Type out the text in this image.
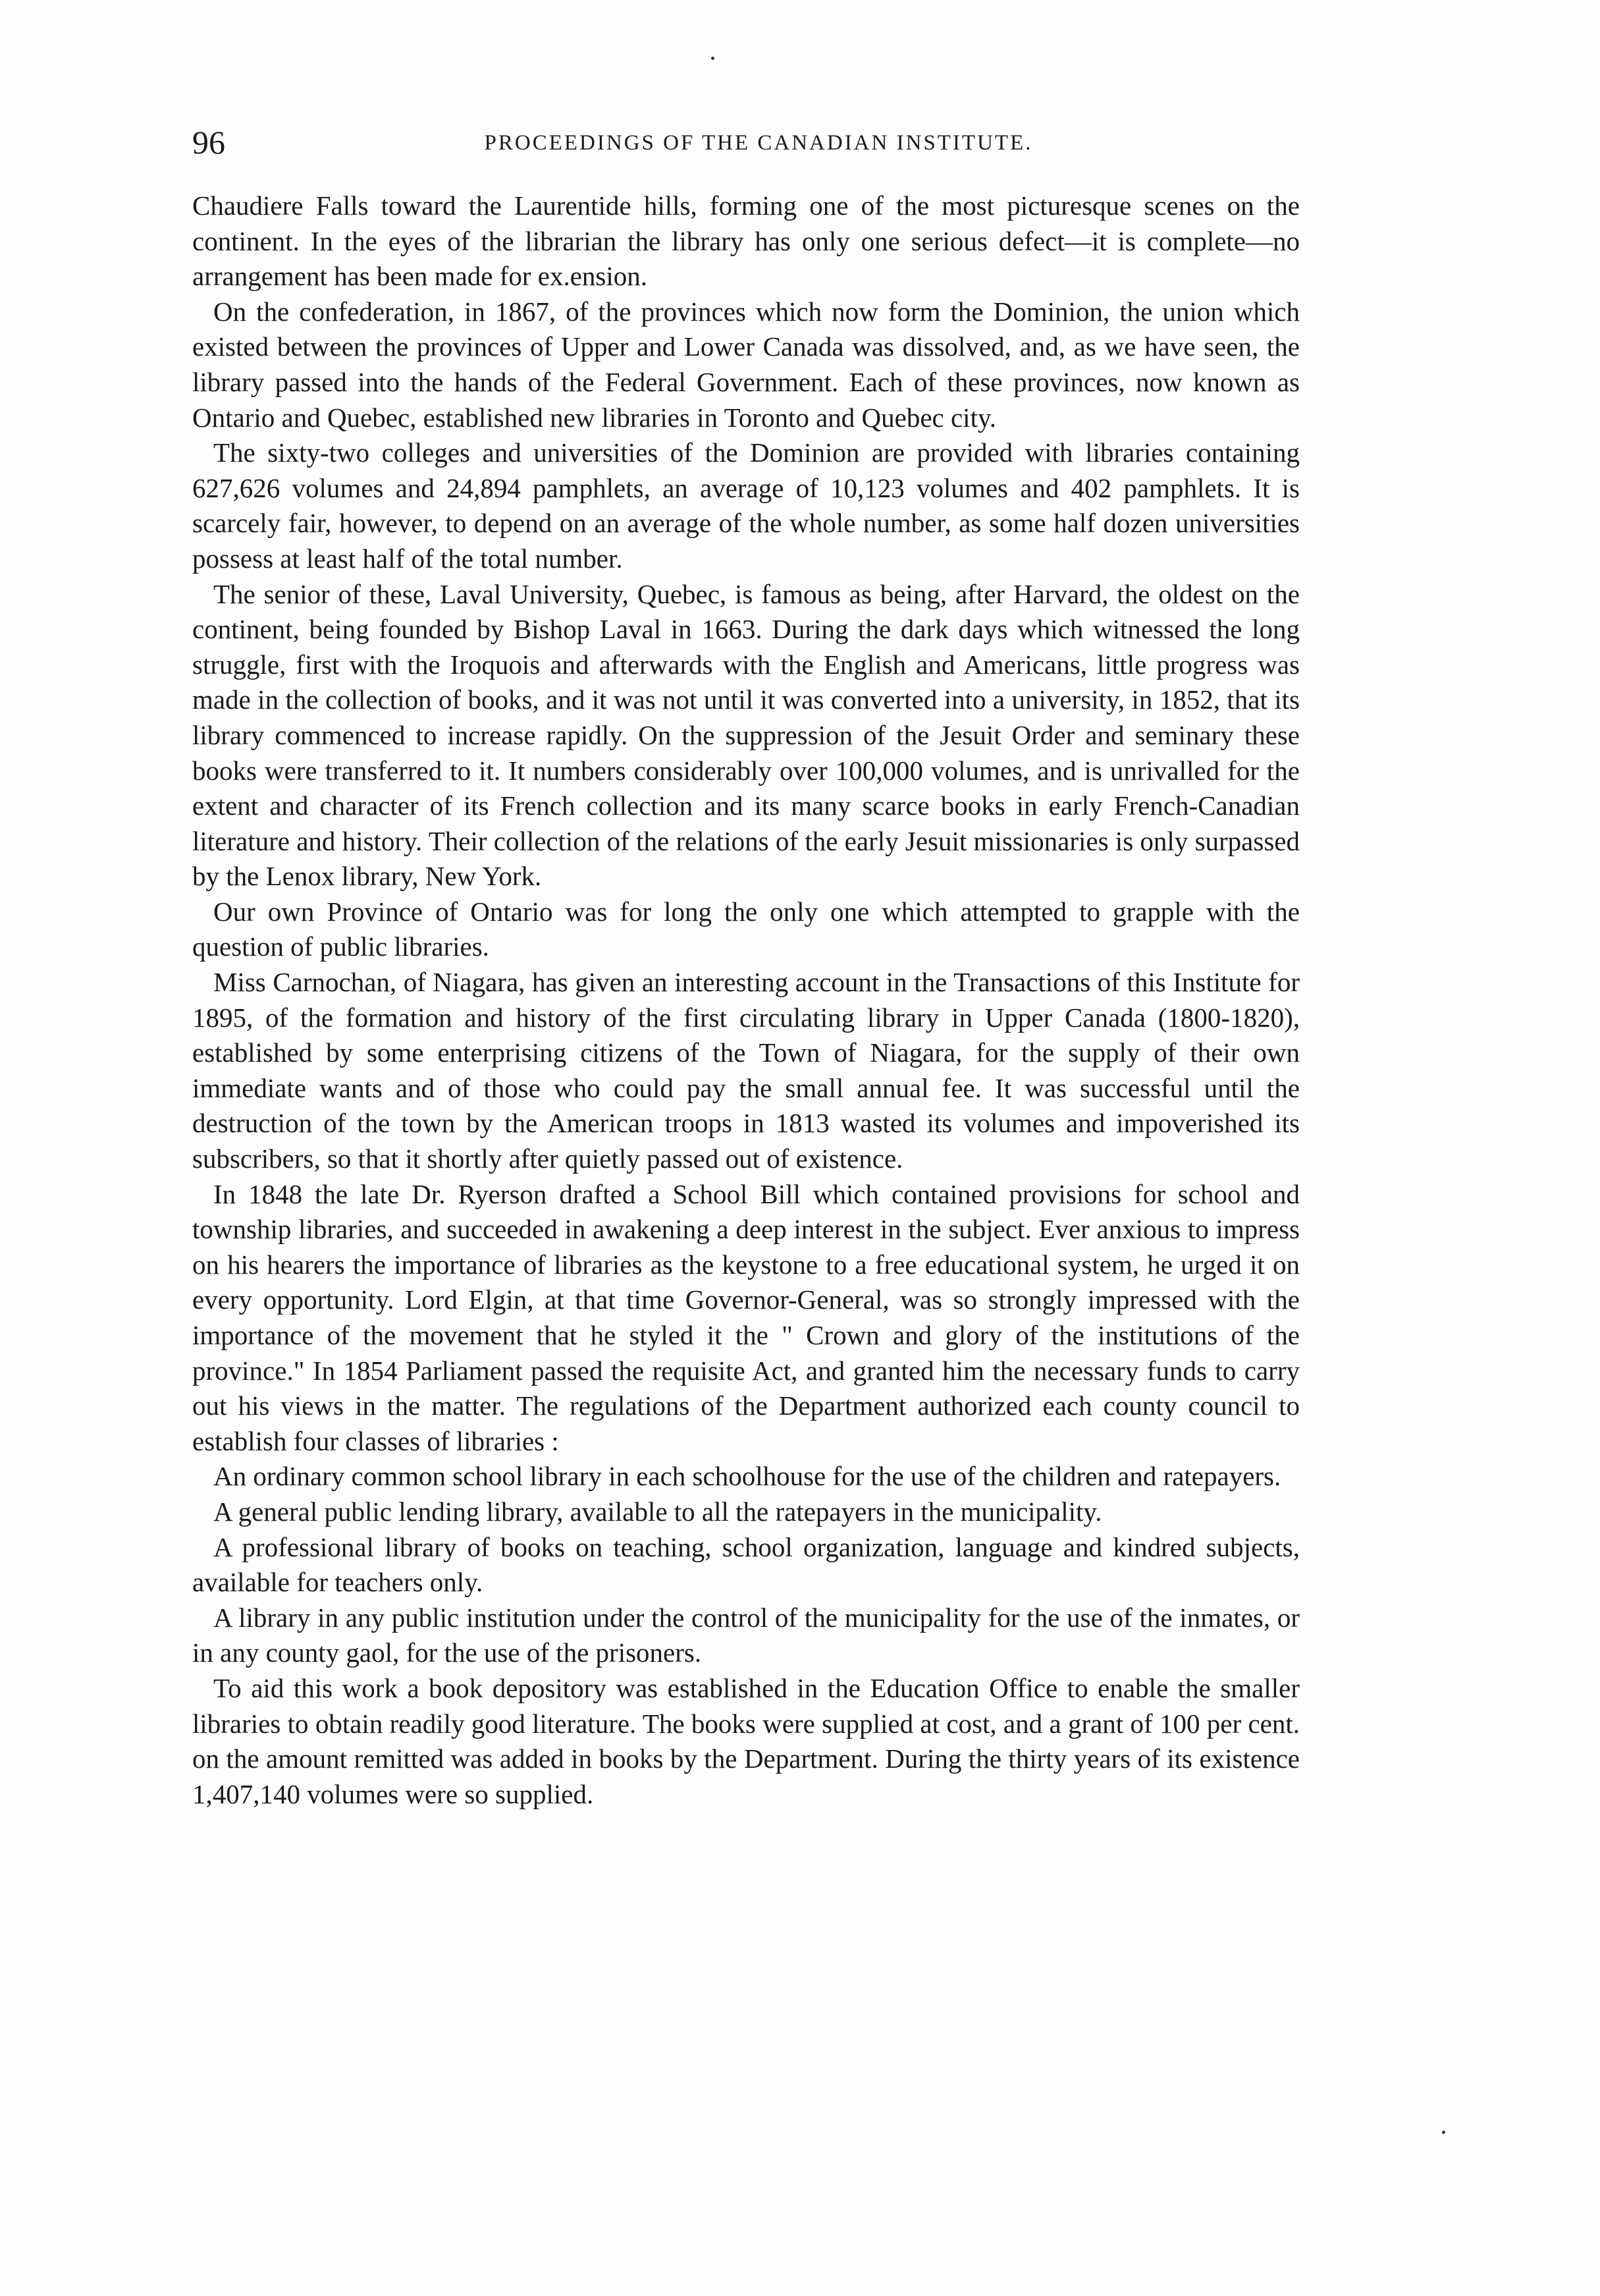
96	PROCEEDINGS OF THE CANADIAN INSTITUTE.

Chaudiere Falls toward the Laurentide hills, forming one of the most picturesque scenes on the continent. In the eyes of the librarian the library has only one serious defect—it is complete—no arrangement has been made for ex.ension.

On the confederation, in 1867, of the provinces which now form the Dominion, the union which existed between the provinces of Upper and Lower Canada was dissolved, and, as we have seen, the library passed into the hands of the Federal Government. Each of these provinces, now known as Ontario and Quebec, established new libraries in Toronto and Quebec city.

The sixty-two colleges and universities of the Dominion are provided with libraries containing 627,626 volumes and 24,894 pamphlets, an average of 10,123 volumes and 402 pamphlets. It is scarcely fair, however, to depend on an average of the whole number, as some half dozen universities possess at least half of the total number.

The senior of these, Laval University, Quebec, is famous as being, after Harvard, the oldest on the continent, being founded by Bishop Laval in 1663. During the dark days which witnessed the long struggle, first with the Iroquois and afterwards with the English and Americans, little progress was made in the collection of books, and it was not until it was converted into a university, in 1852, that its library commenced to increase rapidly. On the suppression of the Jesuit Order and seminary these books were transferred to it. It numbers considerably over 100,000 volumes, and is unrivalled for the extent and character of its French collection and its many scarce books in early French-Canadian literature and history. Their collection of the relations of the early Jesuit missionaries is only surpassed by the Lenox library, New York.

Our own Province of Ontario was for long the only one which attempted to grapple with the question of public libraries.

Miss Carnochan, of Niagara, has given an interesting account in the Transactions of this Institute for 1895, of the formation and history of the first circulating library in Upper Canada (1800-1820), established by some enterprising citizens of the Town of Niagara, for the supply of their own immediate wants and of those who could pay the small annual fee. It was successful until the destruction of the town by the American troops in 1813 wasted its volumes and impoverished its subscribers, so that it shortly after quietly passed out of existence.

In 1848 the late Dr. Ryerson drafted a School Bill which contained provisions for school and township libraries, and succeeded in awakening a deep interest in the subject. Ever anxious to impress on his hearers the importance of libraries as the keystone to a free educational system, he urged it on every opportunity. Lord Elgin, at that time Governor-General, was so strongly impressed with the importance of the movement that he styled it the " Crown and glory of the institutions of the province." In 1854 Parliament passed the requisite Act, and granted him the necessary funds to carry out his views in the matter. The regulations of the Department authorized each county council to establish four classes of libraries :

An ordinary common school library in each schoolhouse for the use of the children and ratepayers.

A general public lending library, available to all the ratepayers in the municipality.

A professional library of books on teaching, school organization, language and kindred subjects, available for teachers only.

A library in any public institution under the control of the municipality for the use of the inmates, or in any county gaol, for the use of the prisoners.

To aid this work a book depository was established in the Education Office to enable the smaller libraries to obtain readily good literature. The books were supplied at cost, and a grant of 100 per cent. on the amount remitted was added in books by the Department. During the thirty years of its existence 1,407,140 volumes were so supplied.
